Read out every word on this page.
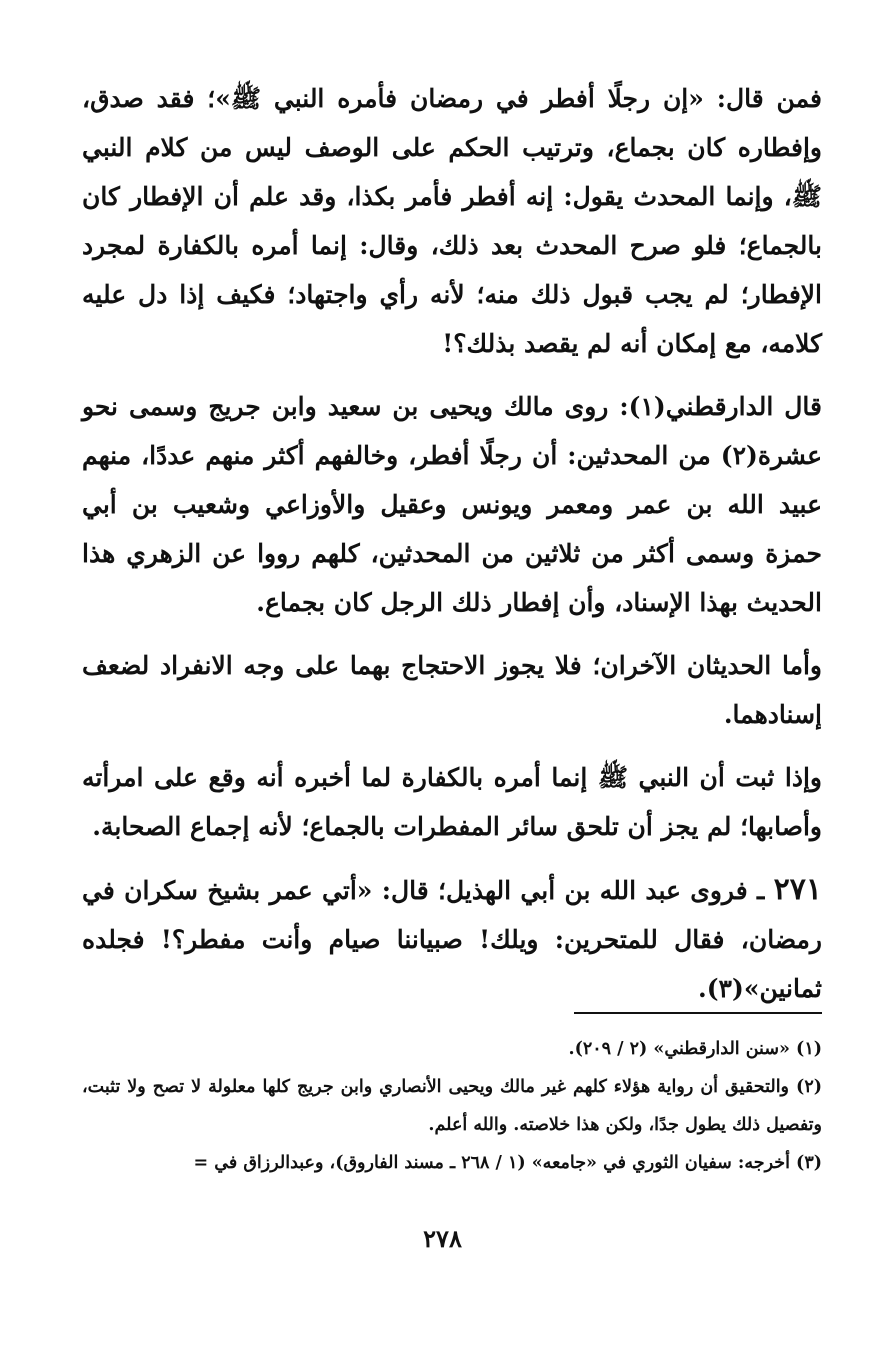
فمن قال: «إن رجلًا أفطر في رمضان فأمره النبي ﷺ»؛ فقد صدق، وإفطاره كان بجماع، وترتيب الحكم على الوصف ليس من كلام النبي ﷺ، وإنما المحدث يقول: إنه أفطر فأمر بكذا، وقد علم أن الإفطار كان بالجماع؛ فلو صرح المحدث بعد ذلك، وقال: إنما أمره بالكفارة لمجرد الإفطار؛ لم يجب قبول ذلك منه؛ لأنه رأي واجتهاد؛ فكيف إذا دل عليه كلامه، مع إمكان أنه لم يقصد بذلك؟!

قال الدارقطني(١): روى مالك ويحيى بن سعيد وابن جريج وسمى نحو عشرة(٢) من المحدثين: أن رجلًا أفطر، وخالفهم أكثر منهم عددًا، منهم عبيد الله بن عمر ومعمر ويونس وعقيل والأوزاعي وشعيب بن أبي حمزة وسمى أكثر من ثلاثين من المحدثين، كلهم رووا عن الزهري هذا الحديث بهذا الإسناد، وأن إفطار ذلك الرجل كان بجماع.

وأما الحديثان الآخران؛ فلا يجوز الاحتجاج بهما على وجه الانفراد لضعف إسنادهما.

وإذا ثبت أن النبي ﷺ إنما أمره بالكفارة لما أخبره أنه وقع على امرأته وأصابها؛ لم يجز أن تلحق سائر المفطرات بالجماع؛ لأنه إجماع الصحابة.

٢٧١ ـ فروى عبد الله بن أبي الهذيل؛ قال: «أتي عمر بشيخ سكران في رمضان، فقال للمتحرين: ويلك! صبياننا صيام وأنت مفطر؟! فجلده ثمانين»(٣).

(١) «سنن الدارقطني» (٢ / ٢٠٩).

(٢) والتحقيق أن رواية هؤلاء كلهم غير مالك ويحيى الأنصاري وابن جريج كلها معلولة لا تصح ولا تثبت، وتفصيل ذلك يطول جدًا، ولكن هذا خلاصته. والله أعلم.

(٣) أخرجه: سفيان الثوري في «جامعه» (١ / ٢٦٨ ـ مسند الفاروق)، وعبدالرزاق في =

٢٧٨
